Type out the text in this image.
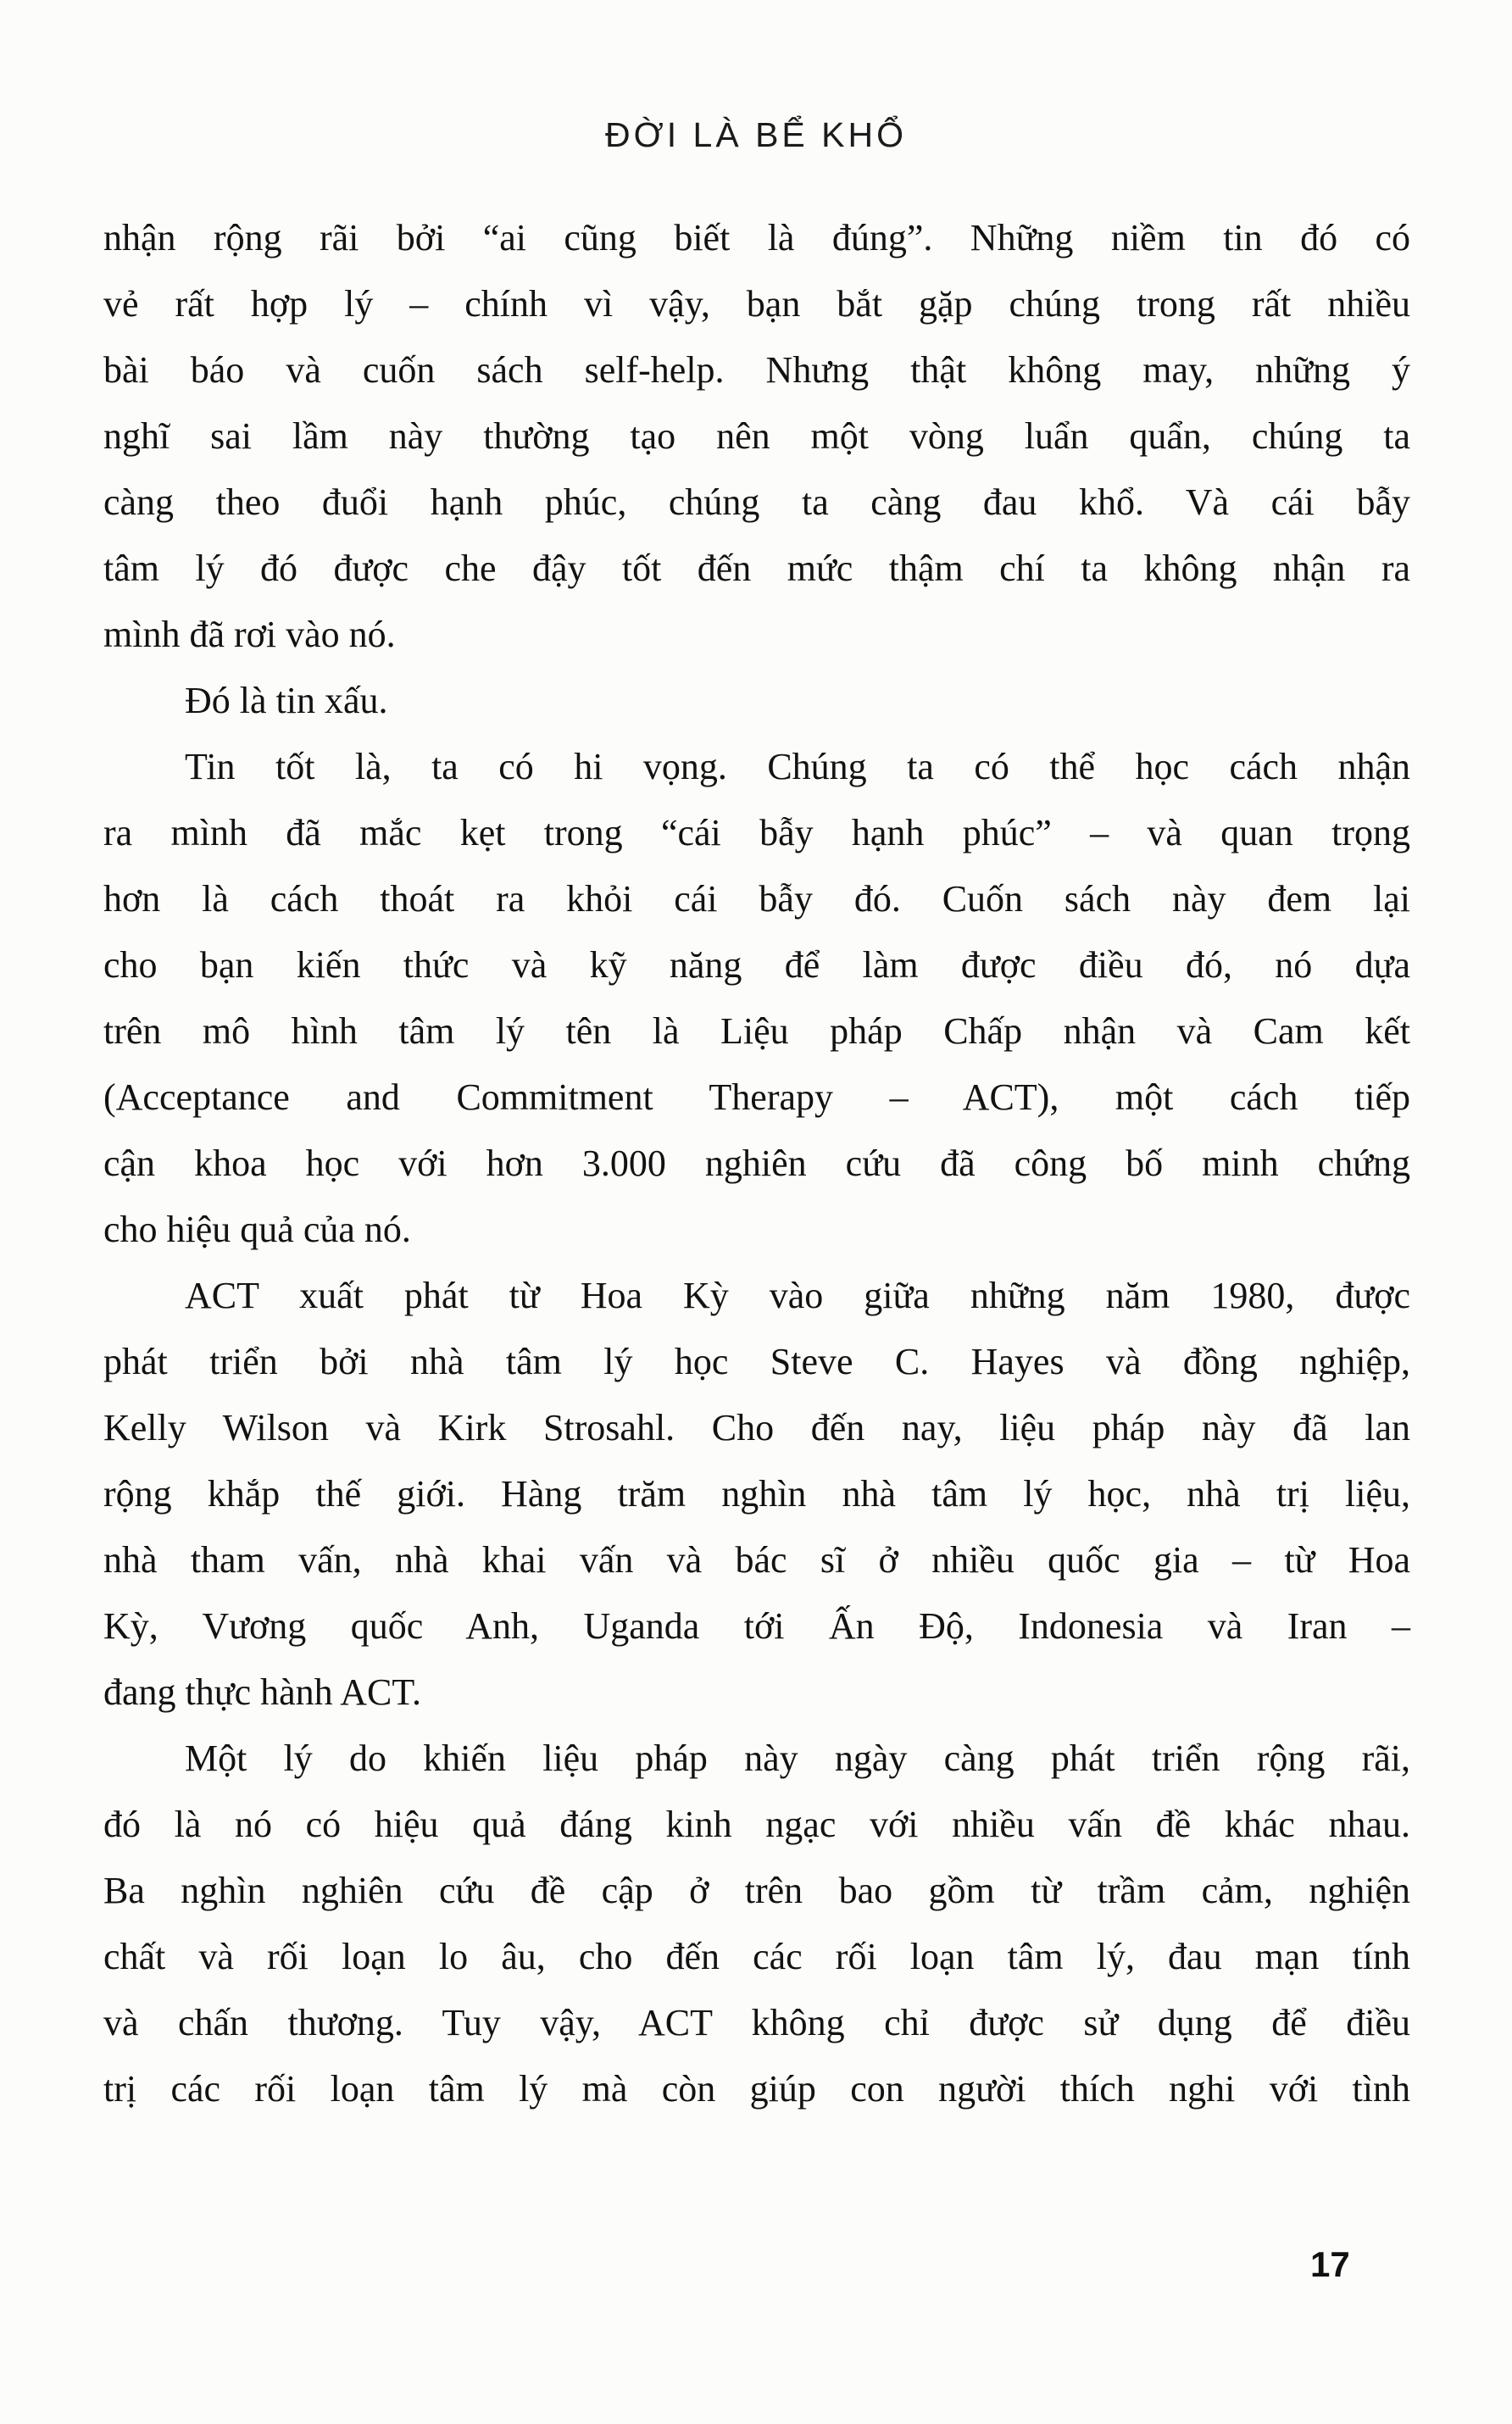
ĐỜI LÀ BỂ KHỔ
nhận rộng rãi bởi “ai cũng biết là đúng”. Những niềm tin đó có
vẻ rất hợp lý – chính vì vậy, bạn bắt gặp chúng trong rất nhiều
bài báo và cuốn sách self-help. Nhưng thật không may, những ý
nghĩ sai lầm này thường tạo nên một vòng luẩn quẩn, chúng ta
càng theo đuổi hạnh phúc, chúng ta càng đau khổ. Và cái bẫy
tâm lý đó được che đậy tốt đến mức thậm chí ta không nhận ra
mình đã rơi vào nó.
Đó là tin xấu.
Tin tốt là, ta có hi vọng. Chúng ta có thể học cách nhận
ra mình đã mắc kẹt trong “cái bẫy hạnh phúc” – và quan trọng
hơn là cách thoát ra khỏi cái bẫy đó. Cuốn sách này đem lại
cho bạn kiến thức và kỹ năng để làm được điều đó, nó dựa
trên mô hình tâm lý tên là Liệu pháp Chấp nhận và Cam kết
(Acceptance and Commitment Therapy – ACT), một cách tiếp
cận khoa học với hơn 3.000 nghiên cứu đã công bố minh chứng
cho hiệu quả của nó.
ACT xuất phát từ Hoa Kỳ vào giữa những năm 1980, được
phát triển bởi nhà tâm lý học Steve C. Hayes và đồng nghiệp,
Kelly Wilson và Kirk Strosahl. Cho đến nay, liệu pháp này đã lan
rộng khắp thế giới. Hàng trăm nghìn nhà tâm lý học, nhà trị liệu,
nhà tham vấn, nhà khai vấn và bác sĩ ở nhiều quốc gia – từ Hoa
Kỳ, Vương quốc Anh, Uganda tới Ấn Độ, Indonesia và Iran –
đang thực hành ACT.
Một lý do khiến liệu pháp này ngày càng phát triển rộng rãi,
đó là nó có hiệu quả đáng kinh ngạc với nhiều vấn đề khác nhau.
Ba nghìn nghiên cứu đề cập ở trên bao gồm từ trầm cảm, nghiện
chất và rối loạn lo âu, cho đến các rối loạn tâm lý, đau mạn tính
và chấn thương. Tuy vậy, ACT không chỉ được sử dụng để điều
trị các rối loạn tâm lý mà còn giúp con người thích nghi với tình
17
